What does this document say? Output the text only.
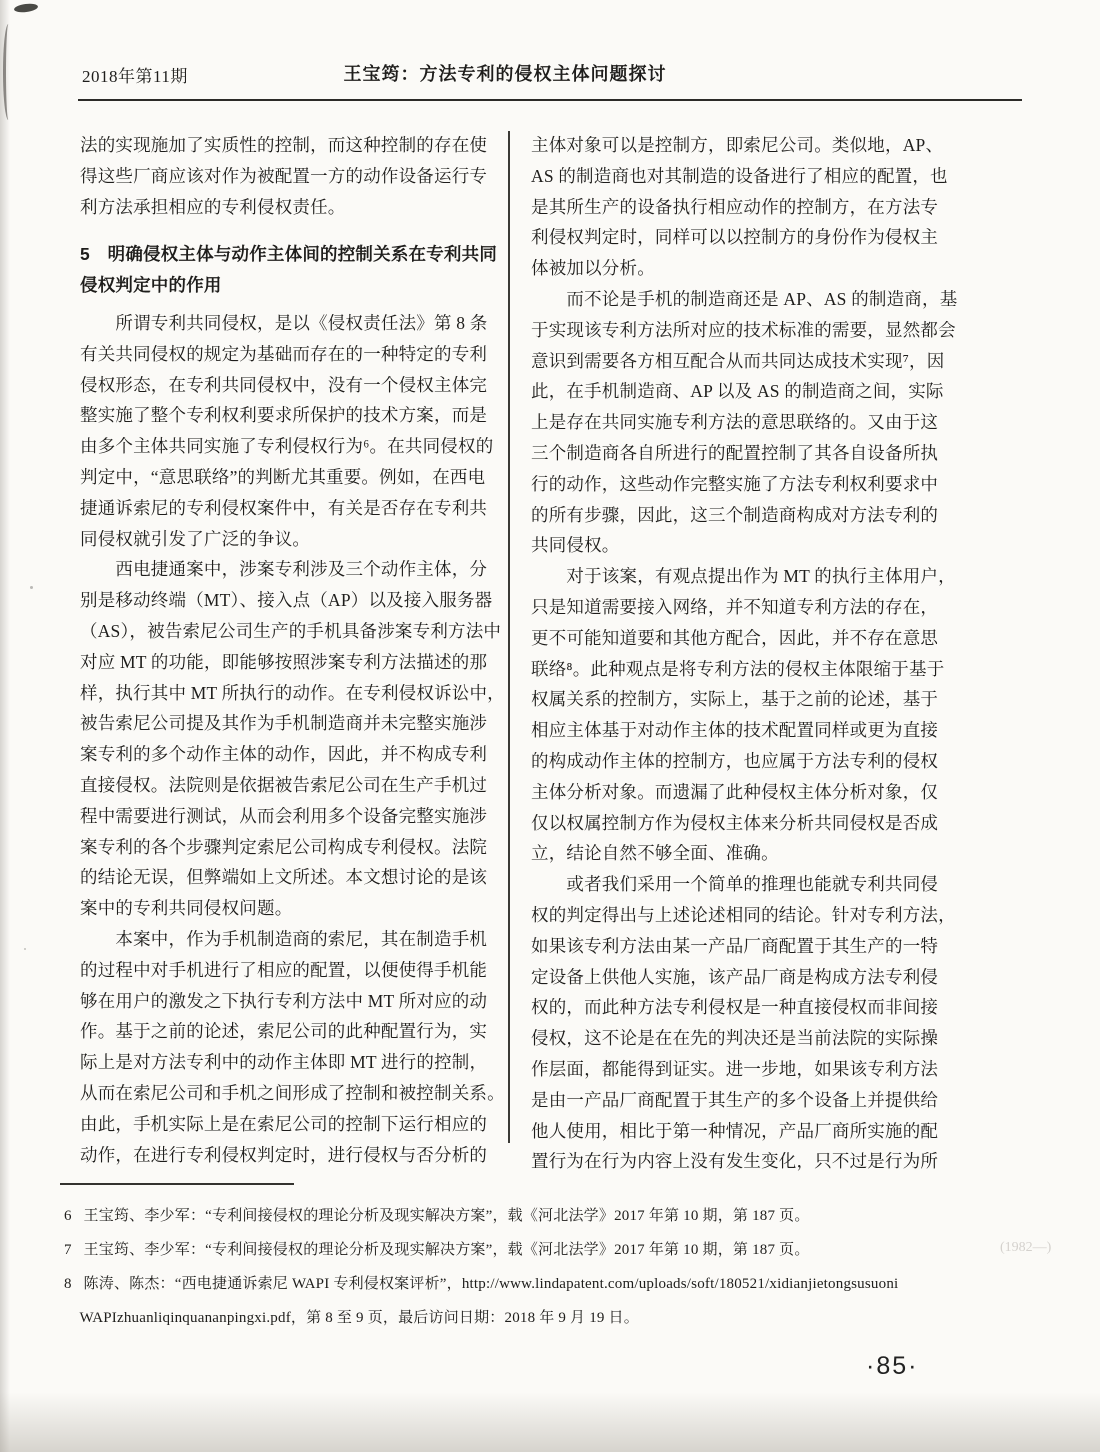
(1982—)
2018年第11期	王宝筠：方法专利的侵权主体问题探讨
法的实现施加了实质性的控制，而这种控制的存在使
得这些厂商应该对作为被配置一方的动作设备运行专
利方法承担相应的专利侵权责任。
5　明确侵权主体与动作主体间的控制关系在专利共同
侵权判定中的作用
　　所谓专利共同侵权，是以《侵权责任法》第 8 条
有关共同侵权的规定为基础而存在的一种特定的专利
侵权形态，在专利共同侵权中，没有一个侵权主体完
整实施了整个专利权利要求所保护的技术方案，而是
由多个主体共同实施了专利侵权行为⁶。在共同侵权的
判定中，“意思联络”的判断尤其重要。例如，在西电
捷通诉索尼的专利侵权案件中，有关是否存在专利共
同侵权就引发了广泛的争议。
　　西电捷通案中，涉案专利涉及三个动作主体，分
别是移动终端（MT）、接入点（AP）以及接入服务器
（AS），被告索尼公司生产的手机具备涉案专利方法中
对应 MT 的功能，即能够按照涉案专利方法描述的那
样，执行其中 MT 所执行的动作。在专利侵权诉讼中，
被告索尼公司提及其作为手机制造商并未完整实施涉
案专利的多个动作主体的动作，因此，并不构成专利
直接侵权。法院则是依据被告索尼公司在生产手机过
程中需要进行测试，从而会利用多个设备完整实施涉
案专利的各个步骤判定索尼公司构成专利侵权。法院
的结论无误，但弊端如上文所述。本文想讨论的是该
案中的专利共同侵权问题。
　　本案中，作为手机制造商的索尼，其在制造手机
的过程中对手机进行了相应的配置，以便使得手机能
够在用户的激发之下执行专利方法中 MT 所对应的动
作。基于之前的论述，索尼公司的此种配置行为，实
际上是对方法专利中的动作主体即 MT 进行的控制，
从而在索尼公司和手机之间形成了控制和被控制关系。
由此，手机实际上是在索尼公司的控制下运行相应的
动作，在进行专利侵权判定时，进行侵权与否分析的
主体对象可以是控制方，即索尼公司。类似地，AP、
AS 的制造商也对其制造的设备进行了相应的配置，也
是其所生产的设备执行相应动作的控制方，在方法专
利侵权判定时，同样可以以控制方的身份作为侵权主
体被加以分析。
　　而不论是手机的制造商还是 AP、AS 的制造商，基
于实现该专利方法所对应的技术标准的需要，显然都会
意识到需要各方相互配合从而共同达成技术实现⁷，因
此，在手机制造商、AP 以及 AS 的制造商之间，实际
上是存在共同实施专利方法的意思联络的。又由于这
三个制造商各自所进行的配置控制了其各自设备所执
行的动作，这些动作完整实施了方法专利权利要求中
的所有步骤，因此，这三个制造商构成对方法专利的
共同侵权。
　　对于该案，有观点提出作为 MT 的执行主体用户，
只是知道需要接入网络，并不知道专利方法的存在，
更不可能知道要和其他方配合，因此，并不存在意思
联络⁸。此种观点是将专利方法的侵权主体限缩于基于
权属关系的控制方，实际上，基于之前的论述，基于
相应主体基于对动作主体的技术配置同样或更为直接
的构成动作主体的控制方，也应属于方法专利的侵权
主体分析对象。而遗漏了此种侵权主体分析对象，仅
仅以权属控制方作为侵权主体来分析共同侵权是否成
立，结论自然不够全面、准确。
　　或者我们采用一个简单的推理也能就专利共同侵
权的判定得出与上述论述相同的结论。针对专利方法，
如果该专利方法由某一产品厂商配置于其生产的一特
定设备上供他人实施，该产品厂商是构成方法专利侵
权的，而此种方法专利侵权是一种直接侵权而非间接
侵权，这不论是在在先的判决还是当前法院的实际操
作层面，都能得到证实。进一步地，如果该专利方法
是由一产品厂商配置于其生产的多个设备上并提供给
他人使用，相比于第一种情况，产品厂商所实施的配
置行为在行为内容上没有发生变化，只不过是行为所
6   王宝筠、李少军：“专利间接侵权的理论分析及现实解决方案”，载《河北法学》2017 年第 10 期，第 187 页。
7   王宝筠、李少军：“专利间接侵权的理论分析及现实解决方案”，载《河北法学》2017 年第 10 期，第 187 页。
8   陈涛、陈杰：“西电捷通诉索尼 WAPI 专利侵权案评析”，http://www.lindapatent.com/uploads/soft/180521/xidianjietongsusuoni
WAPIzhuanliqinquananpingxi.pdf，第 8 至 9 页，最后访问日期：2018 年 9 月 19 日。
·85·
